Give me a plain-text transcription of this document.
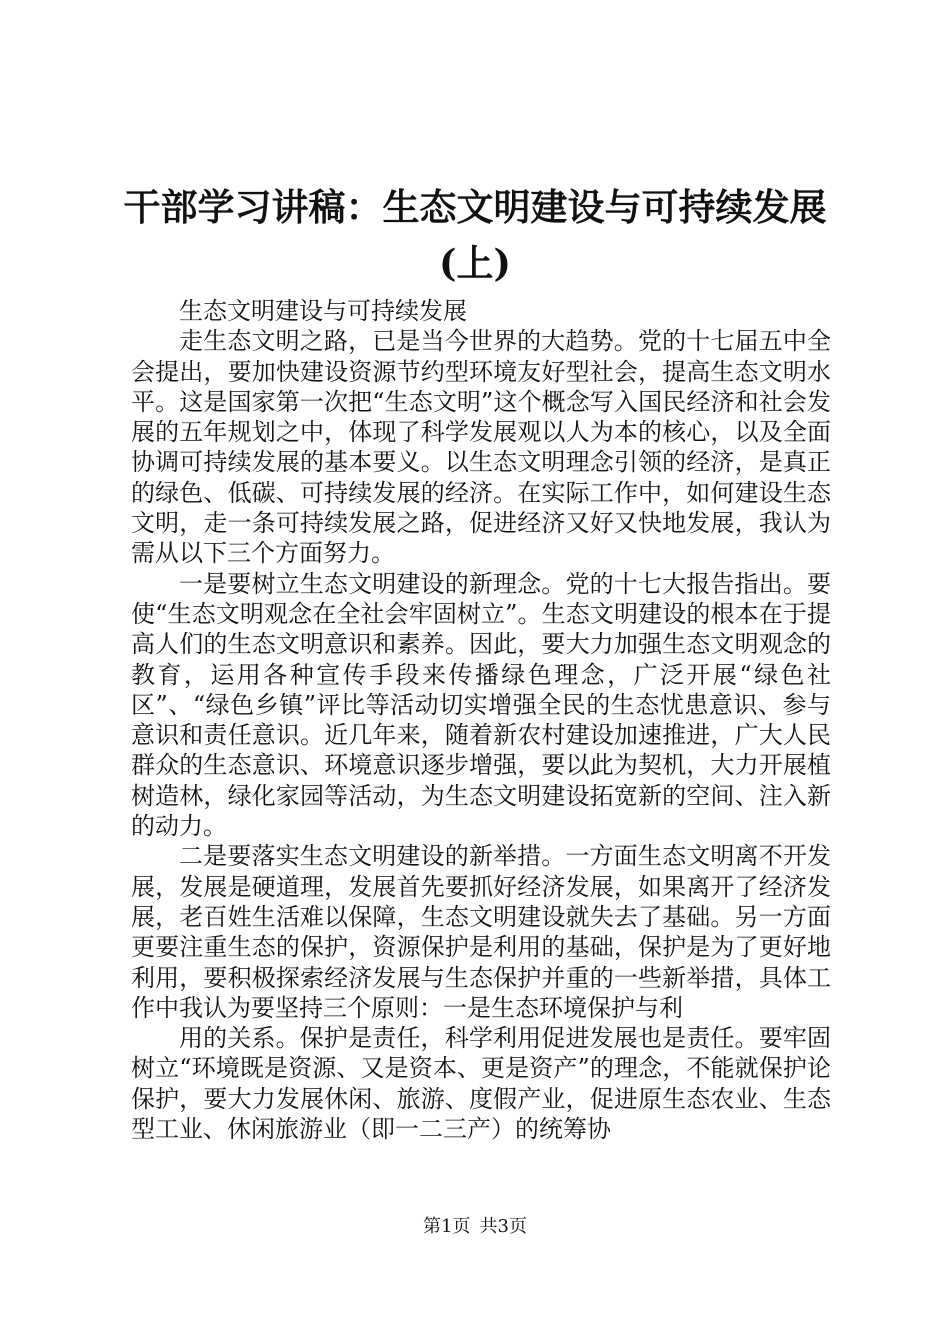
干部学习讲稿：生态文明建设与可持续发展
(上)

生态文明建设与可持续发展

走生态文明之路，已是当今世界的大趋势。党的十七届五中全会提出，要加快建设资源节约型环境友好型社会，提高生态文明水平。这是国家第一次把“生态文明”这个概念写入国民经济和社会发展的五年规划之中，体现了科学发展观以人为本的核心，以及全面协调可持续发展的基本要义。以生态文明理念引领的经济，是真正的绿色、低碳、可持续发展的经济。在实际工作中，如何建设生态文明，走一条可持续发展之路，促进经济又好又快地发展，我认为需从以下三个方面努力。

一是要树立生态文明建设的新理念。党的十七大报告指出。要使“生态文明观念在全社会牢固树立”。生态文明建设的根本在于提高人们的生态文明意识和素养。因此，要大力加强生态文明观念的教育，运用各种宣传手段来传播绿色理念，广泛开展“绿色社区”、“绿色乡镇”评比等活动切实增强全民的生态忧患意识、参与意识和责任意识。近几年来，随着新农村建设加速推进，广大人民群众的生态意识、环境意识逐步增强，要以此为契机，大力开展植树造林，绿化家园等活动，为生态文明建设拓宽新的空间、注入新的动力。

二是要落实生态文明建设的新举措。一方面生态文明离不开发展，发展是硬道理，发展首先要抓好经济发展，如果离开了经济发展，老百姓生活难以保障，生态文明建设就失去了基础。另一方面更要注重生态的保护，资源保护是利用的基础，保护是为了更好地利用，要积极探索经济发展与生态保护并重的一些新举措，具体工作中我认为要坚持三个原则：一是生态环境保护与利

用的关系。保护是责任，科学利用促进发展也是责任。要牢固树立“环境既是资源、又是资本、更是资产”的理念，不能就保护论保护，要大力发展休闲、旅游、度假产业，促进原生态农业、生态型工业、休闲旅游业（即一二三产）的统筹协

第1页  共3页
